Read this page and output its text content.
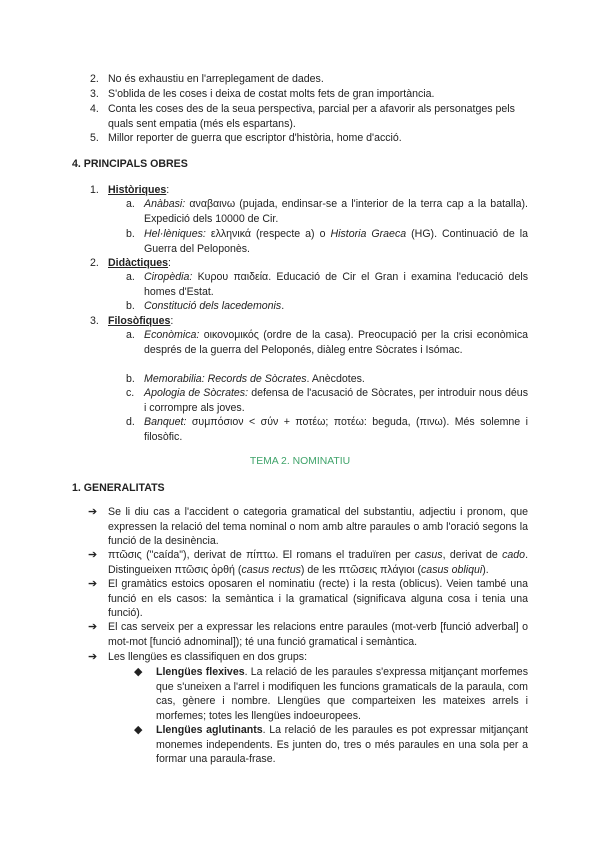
2. No és exhaustiu en l'arreplegament de dades.

3. S'oblida de les coses i deixa de costat molts fets de gran importància.

4. Conta les coses des de la seua perspectiva, parcial per a afavorir als personatges pels quals sent empatia (més els espartans).

5. Millor reporter de guerra que escriptor d'història, home d'acció.

4. PRINCIPALS OBRES

1. Històriques:

a. Anàbasi: αναβαινω (pujada, endinsar-se a l'interior de la terra cap a la batalla). Expedició dels 10000 de Cir.

b. Hel·lèniques: ελληνικά (respecte a) o Historia Graeca (HG). Continuació de la Guerra del Peloponès.

2. Didàctiques:

a. Ciropèdia: Κυρου παιδεία. Educació de Cir el Gran i examina l'educació dels homes d'Estat.

b. Constitució dels lacedemonis.

3. Filosòfiques:

a. Econòmica: οικονομικός (ordre de la casa). Preocupació per la crisi econòmica després de la guerra del Peloponés, diàleg entre Sòcrates i Isómac.

b. Memorabilia: Records de Sòcrates. Anècdotes.

c. Apologia de Sòcrates: defensa de l'acusació de Sòcrates, per introduir nous déus i corrompre als joves.

d. Banquet: συμπόσιον < σύν + ποτέω; ποτέω: beguda, (πινω). Més solemne i filosòfic.

TEMA 2. NOMINATIU

1. GENERALITATS

➔ Se li diu cas a l'accident o categoria gramatical del substantiu, adjectiu i pronom, que expressen la relació del tema nominal o nom amb altre paraules o amb l'oració segons la funció de la desinència.

➔ πτῶσις ("caída"), derivat de πίπτω. El romans el traduïren per casus, derivat de cado. Distingueixen πτῶσις ὀρθή (casus rectus) de les πτῶσεις πλάγιοι (casus obliqui).

➔ El gramàtics estoics oposaren el nominatiu (recte) i la resta (oblicus). Veien també una funció en els casos: la semàntica i la gramatical (significava alguna cosa i tenia una funció).

➔ El cas serveix per a expressar les relacions entre paraules (mot-verb [funció adverbal] o mot-mot [funció adnominal]); té una funció gramatical i semàntica.

➔ Les llengües es classifiquen en dos grups:

◆ Llengües flexives. La relació de les paraules s'expressa mitjançant morfemes que s'uneixen a l'arrel i modifiquen les funcions gramaticals de la paraula, com cas, gènere i nombre. Llengües que comparteixen les mateixes arrels i morfemes; totes les llengües indoeuropees.

◆ Llengües aglutinants. La relació de les paraules es pot expressar mitjançant monemes independents. Es junten do, tres o més paraules en una sola per a formar una paraula-frase.
